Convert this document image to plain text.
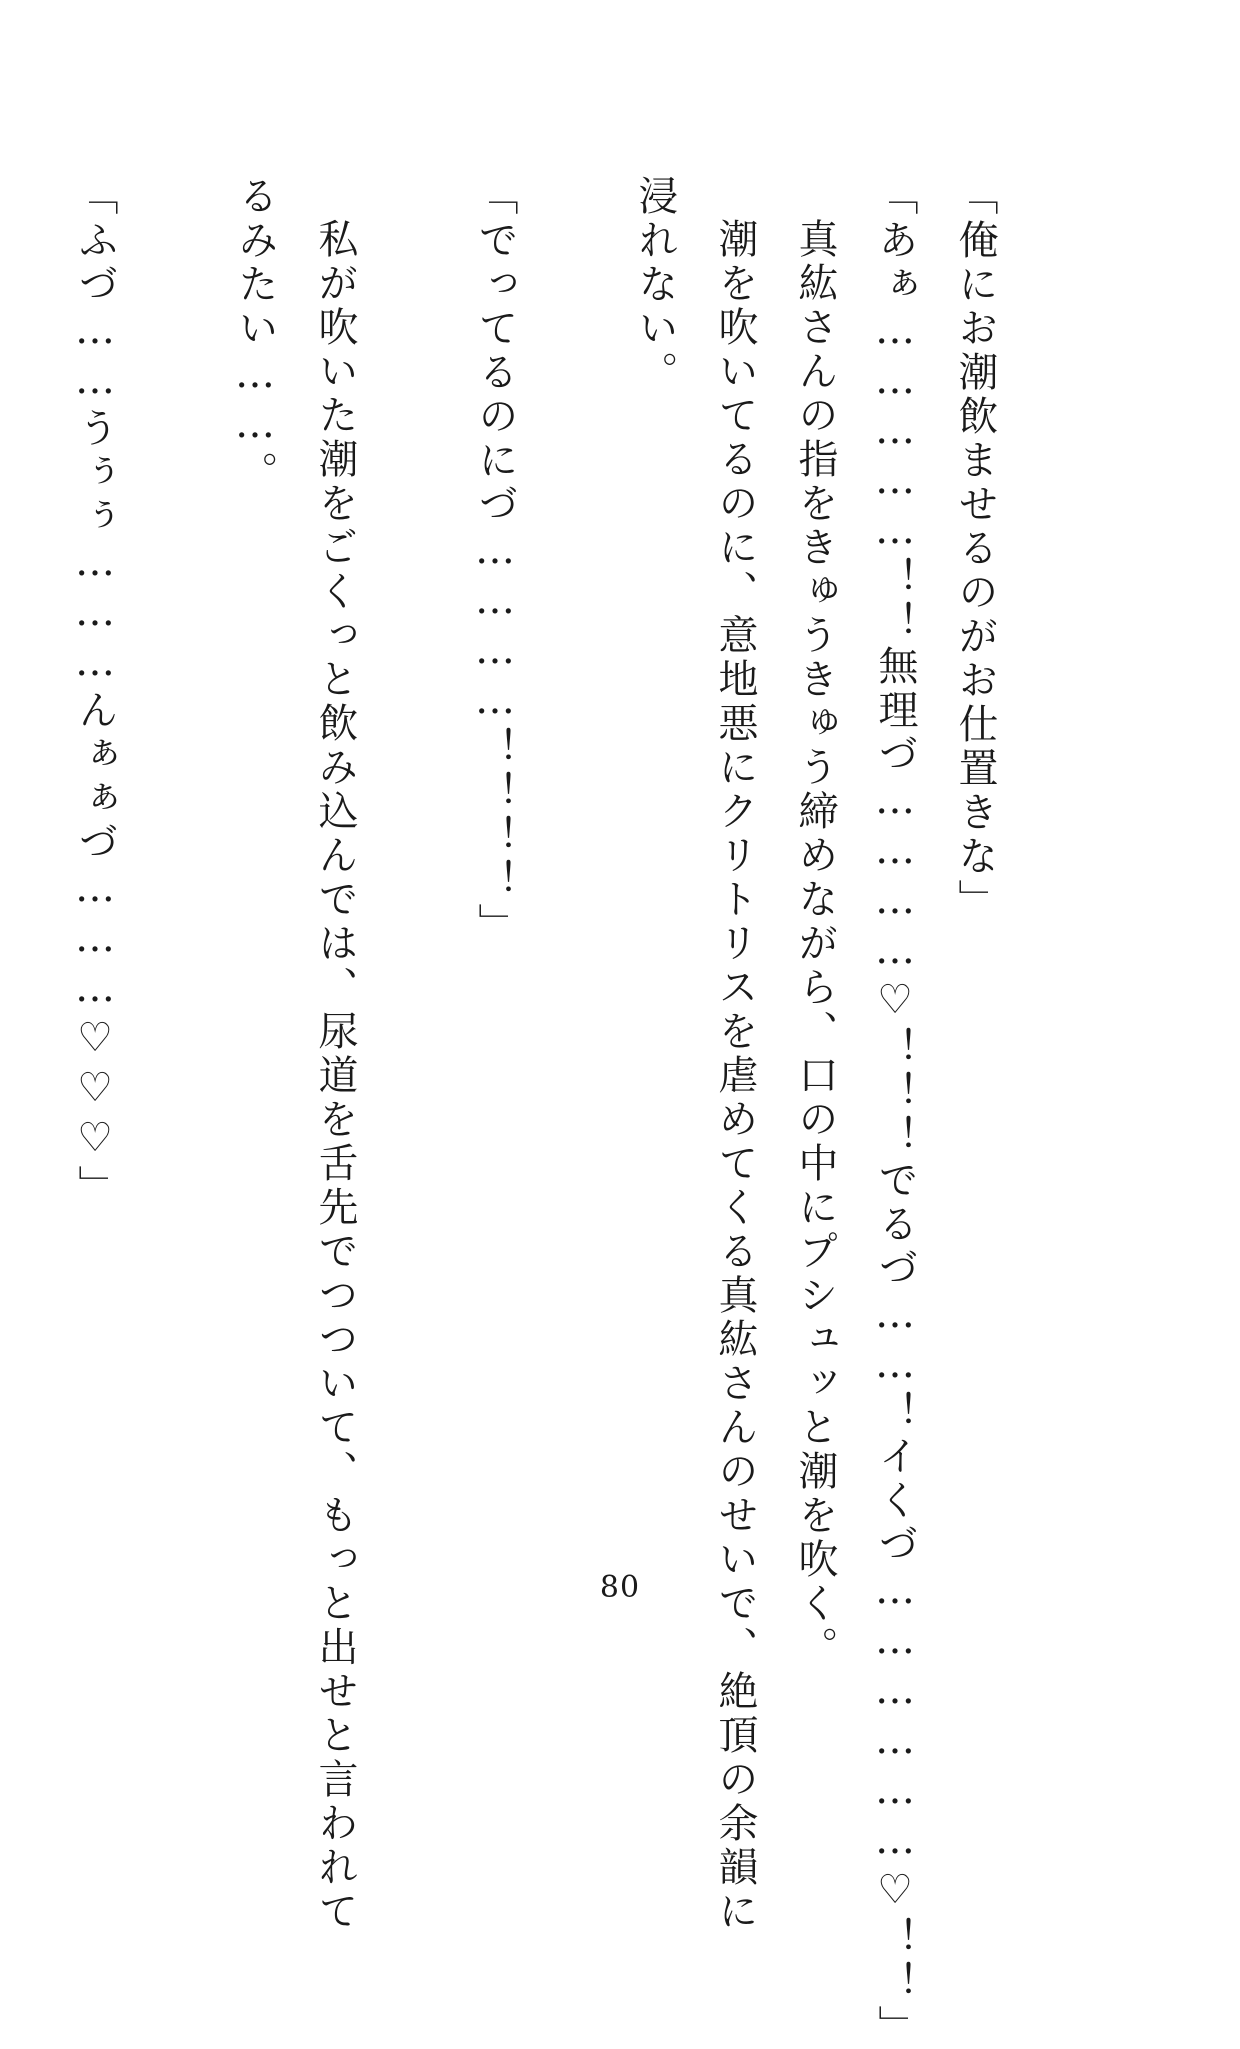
「俺にお潮飲ませるのがお仕置きな」

「あぁ……………！！無理づ…………♡！！！でるづ……！イくづ………………♡！！」

真紘さんの指をきゅうきゅう締めながら、口の中にプシュッと潮を吹く。

潮を吹いてるのに、意地悪にクリトリスを虐めてくる真紘さんのせいで、絶頂の余韻に

浸れない。

「でってるのにづ…………！！！！」

私が吹いた潮をごくっと飲み込んでは、尿道を舌先でつついて、もっと出せと言われて

るみたい……。

「ふづ……うぅぅ………んぁぁづ………♡♡♡」

80
